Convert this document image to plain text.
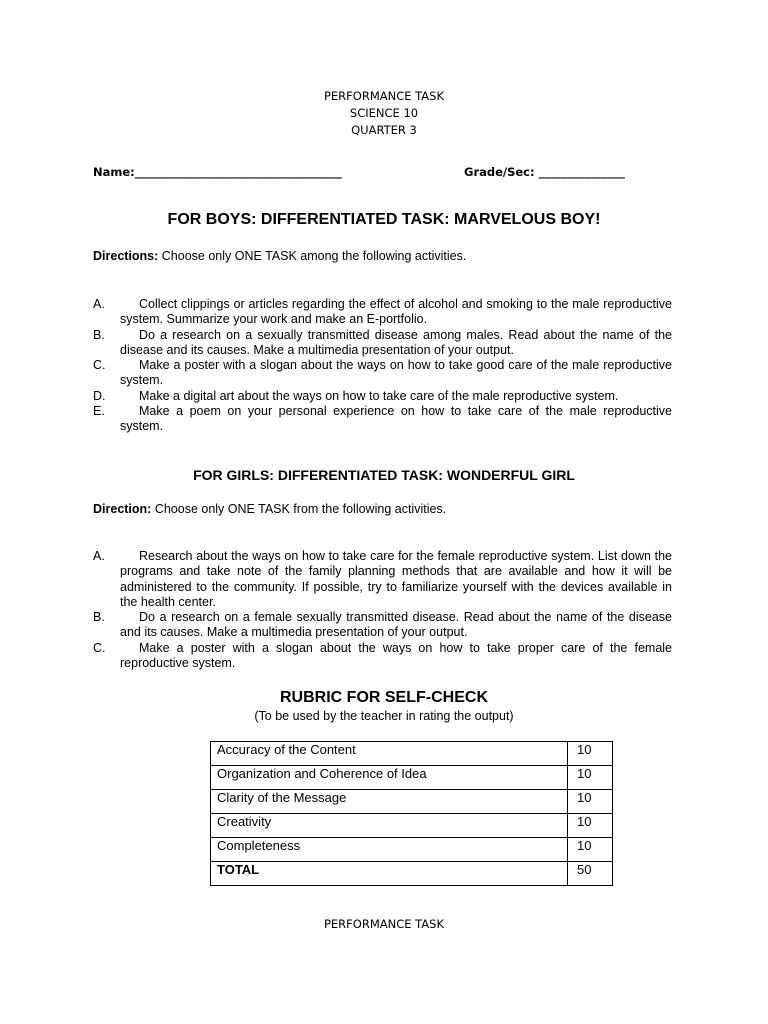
PERFORMANCE TASK
SCIENCE 10
QUARTER 3
Name:____________________________________	Grade/Sec: _______________
FOR BOYS: DIFFERENTIATED TASK: MARVELOUS BOY!
Directions: Choose only ONE TASK among the following activities.
A.	Collect clippings or articles regarding the effect of alcohol and smoking to the male reproductive system. Summarize your work and make an E-portfolio.
B.	Do a research on a sexually transmitted disease among males. Read about the name of the disease and its causes. Make a multimedia presentation of your output.
C.	Make a poster with a slogan about the ways on how to take good care of the male reproductive system.
D.	Make a digital art about the ways on how to take care of the male reproductive system.
E.	Make a poem on your personal experience on how to take care of the male reproductive system.
FOR GIRLS: DIFFERENTIATED TASK: WONDERFUL GIRL
Direction: Choose only ONE TASK from the following activities.
A.	Research about the ways on how to take care for the female reproductive system. List down the programs and take note of the family planning methods that are available and how it will be administered to the community. If possible, try to familiarize yourself with the devices available in the health center.
B.	Do a research on a female sexually transmitted disease. Read about the name of the disease and its causes. Make a multimedia presentation of your output.
C.	Make a poster with a slogan about the ways on how to take proper care of the female reproductive system.
RUBRIC FOR SELF-CHECK
(To be used by the teacher in rating the output)
Accuracy of the Content	10
Organization and Coherence of Idea	10
Clarity of the Message	10
Creativity	10
Completeness	10
TOTAL	50
PERFORMANCE TASK
